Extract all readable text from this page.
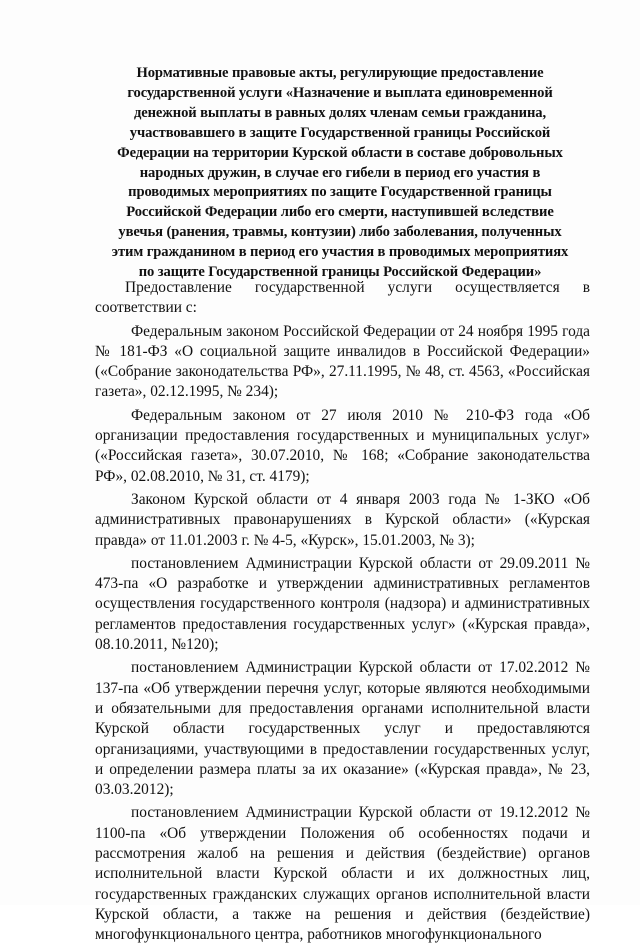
Нормативные правовые акты, регулирующие предоставление
государственной услуги «Назначение и выплата единовременной
денежной выплаты в равных долях членам семьи гражданина,
участвовавшего в защите Государственной границы Российской
Федерации на территории Курской области в составе добровольных
народных дружин, в случае его гибели в период его участия в
проводимых мероприятиях по защите Государственной границы
Российской Федерации либо его смерти, наступившей вследствие
увечья (ранения, травмы, контузии) либо заболевания, полученных
этим гражданином в период его участия в проводимых мероприятиях
по защите Государственной границы Российской Федерации»

Предоставление государственной услуги осуществляется в соответствии с:

Федеральным законом Российской Федерации от 24 ноября 1995 года № 181-ФЗ «О социальной защите инвалидов в Российской Федерации» («Собрание законодательства РФ», 27.11.1995, № 48, ст. 4563, «Российская газета», 02.12.1995, № 234);

Федеральным законом от 27 июля 2010 № 210-ФЗ года «Об организации предоставления государственных и муниципальных услуг» («Российская газета», 30.07.2010, № 168; «Собрание законодательства РФ», 02.08.2010, № 31, ст. 4179);

Законом Курской области от 4 января 2003 года № 1-ЗКО «Об административных правонарушениях в Курской области» («Курская правда» от 11.01.2003 г. № 4-5, «Курск», 15.01.2003, № 3);

постановлением Администрации Курской области от 29.09.2011 № 473-па «О разработке и утверждении административных регламентов осуществления государственного контроля (надзора) и административных регламентов предоставления государственных услуг» («Курская правда», 08.10.2011, №120);

постановлением Администрации Курской области от 17.02.2012 № 137-па «Об утверждении перечня услуг, которые являются необходимыми и обязательными для предоставления органами исполнительной власти Курской области государственных услуг и предоставляются организациями, участвующими в предоставлении государственных услуг, и определении размера платы за их оказание» («Курская правда», № 23, 03.03.2012);

постановлением Администрации Курской области от 19.12.2012 № 1100-па «Об утверждении Положения об особенностях подачи и рассмотрения жалоб на решения и действия (бездействие) органов исполнительной власти Курской области и их должностных лиц, государственных гражданских служащих органов исполнительной власти Курской области, а также на решения и действия (бездействие) многофункционального центра, работников многофункционального
